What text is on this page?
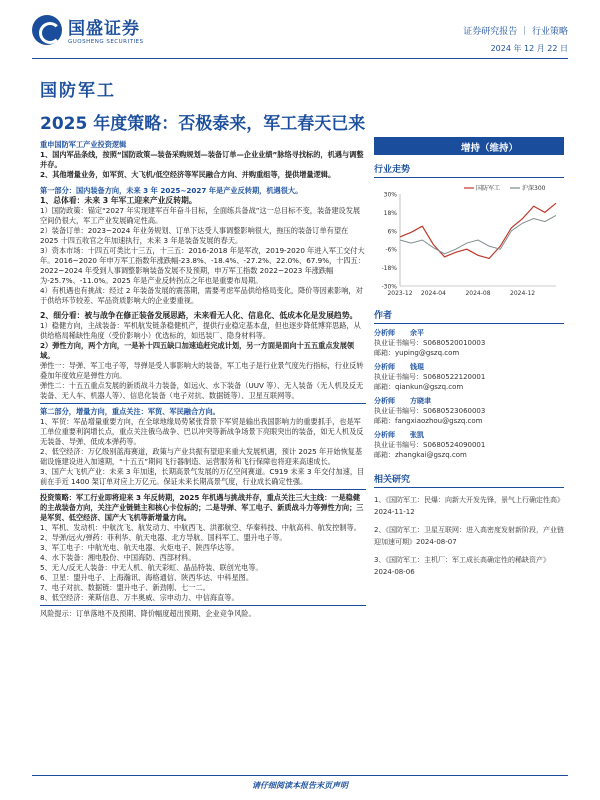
国盛证券
GUOSHENG SECURITIES
证券研究报告 ｜ 行业策略
2024 年 12 月 22 日
国防军工
2025 年度策略：否极泰来，军工春天已来
增持（维持）

重申国防军工产业投资逻辑

1、国内军品条线，按照“国防政策—装备采购规划—装备订单—企业业绩”脉络寻找标的，机遇与调整并存。

2、其他增量业务，如军贸、大飞机/低空经济等军民融合方向、并购重组等，提供增量逻辑。

第一部分：国内装备方向，未来 3 年 2025~2027 年是产业反转期，机遇很大。

1、总体看：未来 3 年军工迎来产业反转期。

1）国防政策：锚定“2027 年实现建军百年奋斗目标，全面练兵备战”这一总目标不变，装备建设发展空间仍很大，军工产业发展确定性高。

2）装备订单：2023~2024 年业务规划、订单下达受人事调整影响很大，拖压的装备订单有望在 2025 十四五收官之年加速执行，未来 3 年是装备发展的春天。

3）资本市场：十四五可类比十三五，十三五：2016-2018 年是军改，2019-2020 年进入军工交付大年。2016~2020 年申万军工指数年涨跌幅-23.8%、-18.4%、-27.2%、22.0%、67.9%，十四五：2022~2024 年受到人事调整影响装备发展不及预期，申万军工指数 2022~2023 年涨跌幅为-25.7%、-11.0%。2025 年是产业反转拐点之年也是重要布局期。

4）有机遇也有挑战：经过 2 年装备发展的震荡期，需要考虑军品供给格局变化，降价等因素影响，对于供给环节较差、军品资质影响大的企业要重视。

2、细分看：被与战争在修正装备发展思路，未来看无人化、信息化、低成本化是发展趋势。

1）稳健方向，主战装备：军机航发链条稳健机产，提供行业稳定基本盘，但也逐步降低博弈思路，从供给格局稀缺性角度（受价影响小）优选标的，如迅装厂、隐身材料等。

2）弹性方向，两个方向，一是补十四五缺口加速追赶完成计划，另一方面是面向十五五重点发展领域。

弹性一：导弹、军工电子等，导弹是受人事影响大的装备，军工电子是行业景气度先行指标，行业反转叠加年度效应是弹性方向。

弹性二：十五五重点发展的新质战斗力装备，如远火、水下装备（UUV 等）、无人装备（无人机及反无装备、无人车、机器人等）、信息化装备（电子对抗、数据链等）、卫星互联网等。

第二部分，增量方向，重点关注：军贸、军民融合方向。

1、军贸：军品增量重要方向，在全球地缘局势紧张背景下军贸是输出我国影响力的重要抓手，也是军工单位重要利润增长点，重点关注俄乌战争、巴以冲突等新战争场景下亮眼突出的装备，如无人机及反无装备、导弹、低成本弹药等。

2、低空经济：万亿级别蓝海赛道，政策与产业共振有望迎来重大发展机遇，预计 2025 年开始恢复基础设施建设进入加速期，“十五五”期间飞行器制造、运营服务和飞行保障也将迎来高速成长。

3、国产大飞机产业：未来 3 年加速，长期高景气发展的万亿空间赛道。C919 未来 3 年交付加速，目前在手近 1400 架订单对应上万亿元。保证未来长期高景气度，行业成长确定性强。

投资策略：军工行业即将迎来 3 年反转期，2025 年机遇与挑战并存，重点关注三大主线：一是稳健的主战装备方向，关注产业链链主和核心卡位标的；二是导弹、军工电子、新质战斗力等弹性方向；三是军贸、低空经济、国产大飞机等新增量方向。

1、军机、发动机：中航沈飞、航发动力、中航西飞、洪都航空、华秦科技、中航高科、航发控制等。

2、导弹/远火/弹药：菲利华、航天电器、北方导航、国科军工、盟升电子等。

3、军工电子：中航光电、航天电器、火炬电子、陕西华达等。

4、水下装备：湘电股份、中国海防、西部材料。

5、无人/反无人装备：中无人机、航天彩虹、晶品特装、联创光电等。

6、卫星：盟升电子、上海瀚讯、海格通信、陕西华达、中科星图。

7、电子对抗、数据链：盟升电子、新劲刚、七一二。

8、低空经济：莱斯信息、万丰奥威、宗申动力、中信海直等。

风险提示：订单落地不及预期、降价幅度超出预期、企业竞争风险。

行业走势
30%
18%
6%
-6%
-18%
-30%
2023-12 2024-04	2024-08	2024-12
国防军工	沪深300
作者
分析师	余平
执业证书编号：S0680520010003
邮箱：yuping@gszq.com
分析师	钱琨
执业证书编号：S0680522120001
邮箱：qiankun@gszq.com
分析师	方晓聿
执业证书编号：S0680523060003
邮箱：fangxiaozhou@gszq.com
分析师	张凯
执业证书编号：S0680524090001
邮箱：zhangkai@gszq.com
相关研究
1、《国防军工：民爆：向新大开发先锋，景气上行确定性高》2024-11-12
2、《国防军工：卫星互联网：进入高密度发射新阶段，产业链迎加速可期》2024-08-07
3、《国防军工：主机厂：军工成长高确定性的稀缺资产》2024-08-06
请仔细阅读本报告末页声明
